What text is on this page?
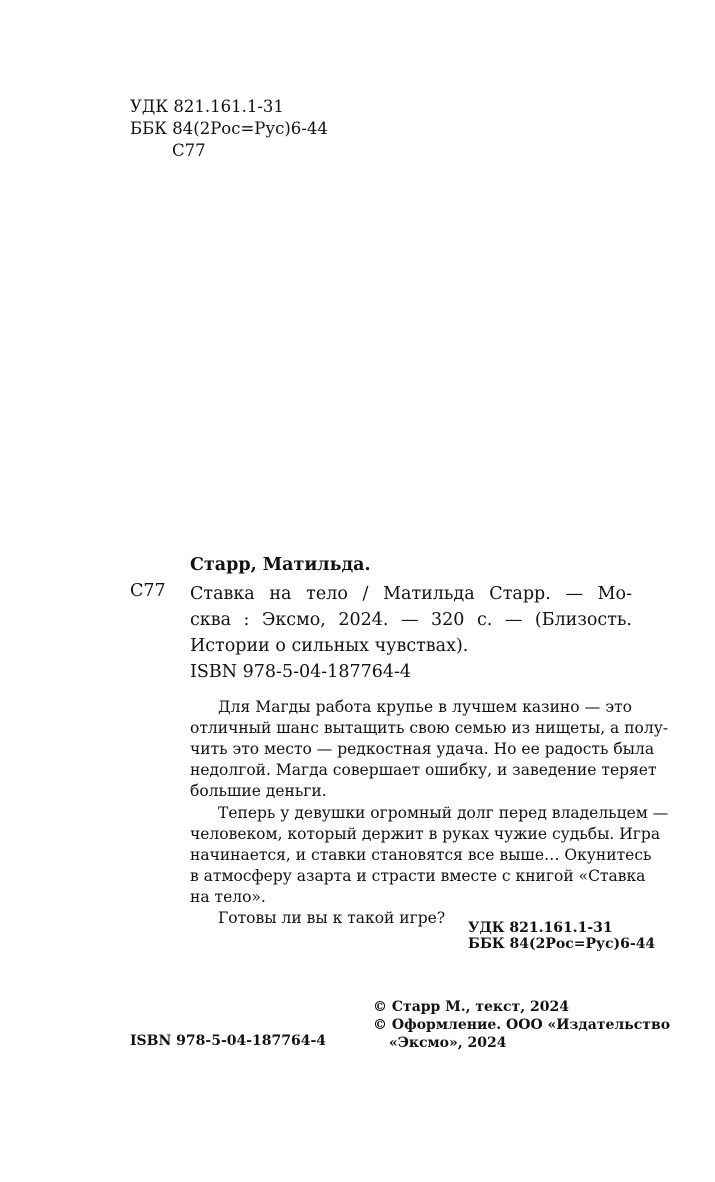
УДК 821.161.1-31
ББК 84(2Рос=Рус)6-44
С77
Старр, Матильда.
С77 Ставка на тело / Матильда Старр. — Мо-
сква : Эксмо, 2024. — 320 с. — (Близость.
Истории о сильных чувствах).
ISBN 978-5-04-187764-4
Для Магды работа крупье в лучшем казино — это
отличный шанс вытащить свою семью из нищеты, а полу-
чить это место — редкостная удача. Но ее радость была
недолгой. Магда совершает ошибку, и заведение теряет
большие деньги.
Теперь у девушки огромный долг перед владельцем —
человеком, который держит в руках чужие судьбы. Игра
начинается, и ставки становятся все выше… Окунитесь
в атмосферу азарта и страсти вместе с книгой «Ставка
на тело».
Готовы ли вы к такой игре?
УДК 821.161.1-31
ББК 84(2Рос=Рус)6-44
© Старр М., текст, 2024
© Оформление. ООО «Издательство
«Эксмо», 2024
ISBN 978-5-04-187764-4
